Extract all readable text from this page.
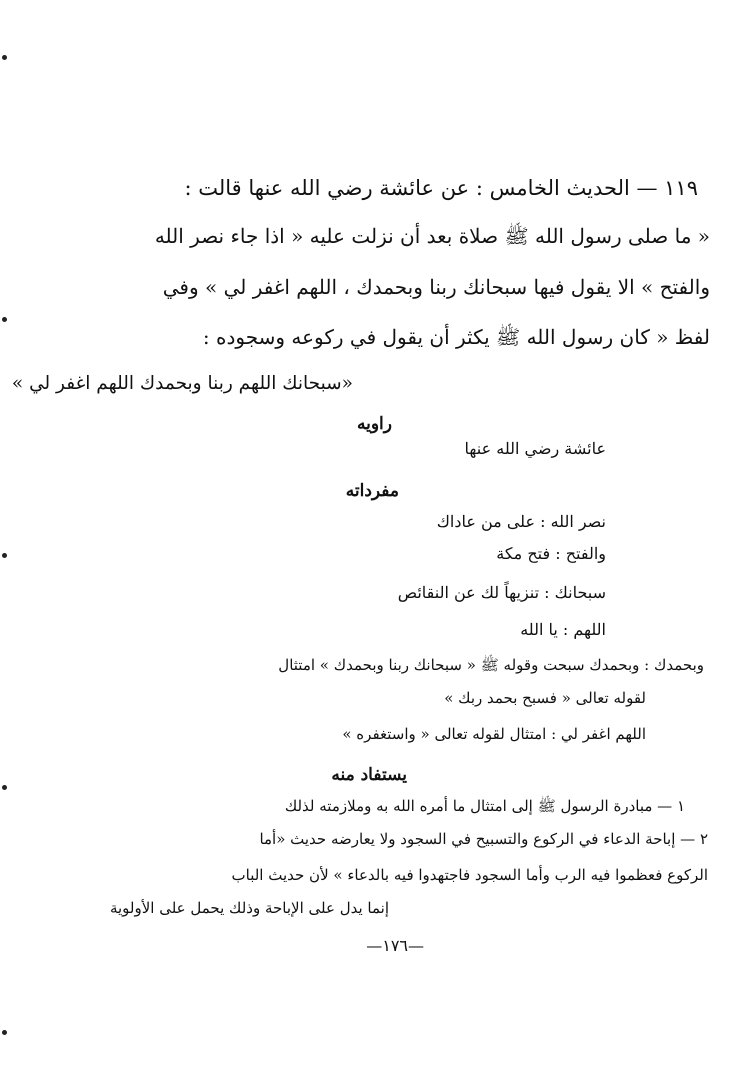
١١٩ — الحديث الخامس : عن عائشة رضي الله عنها قالت :
« ما صلى رسول الله ﷺ صلاة بعد أن نزلت عليه « اذا جاء نصر الله
والفتح » الا يقول فيها سبحانك ربنا وبحمدك ، اللهم اغفر لي » وفي
لفظ « كان رسول الله ﷺ يكثر أن يقول في ركوعه وسجوده :
«سبحانك اللهم ربنا وبحمدك اللهم اغفر لي »
راويه
عائشة رضي الله عنها
مفرداته
نصر الله : على من عاداك
والفتح : فتح مكة
سبحانك : تنزيهاً لك عن النقائص
اللهم : يا الله
وبحمدك : وبحمدك سبحت وقوله ﷺ « سبحانك ربنا وبحمدك » امتثال
لقوله تعالى « فسبح بحمد ربك »
اللهم اغفر لي : امتثال لقوله تعالى « واستغفره »
يستفاد منه
١ — مبادرة الرسول ﷺ إلى امتثال ما أمره الله به وملازمته لذلك
٢ — إباحة الدعاء في الركوع والتسبيح في السجود ولا يعارضه حديث «أما
الركوع فعظموا فيه الرب وأما السجود فاجتهدوا فيه بالدعاء » لأن حديث الباب
إنما يدل على الإباحة وذلك يحمل على الأولوية
—١٧٦—
